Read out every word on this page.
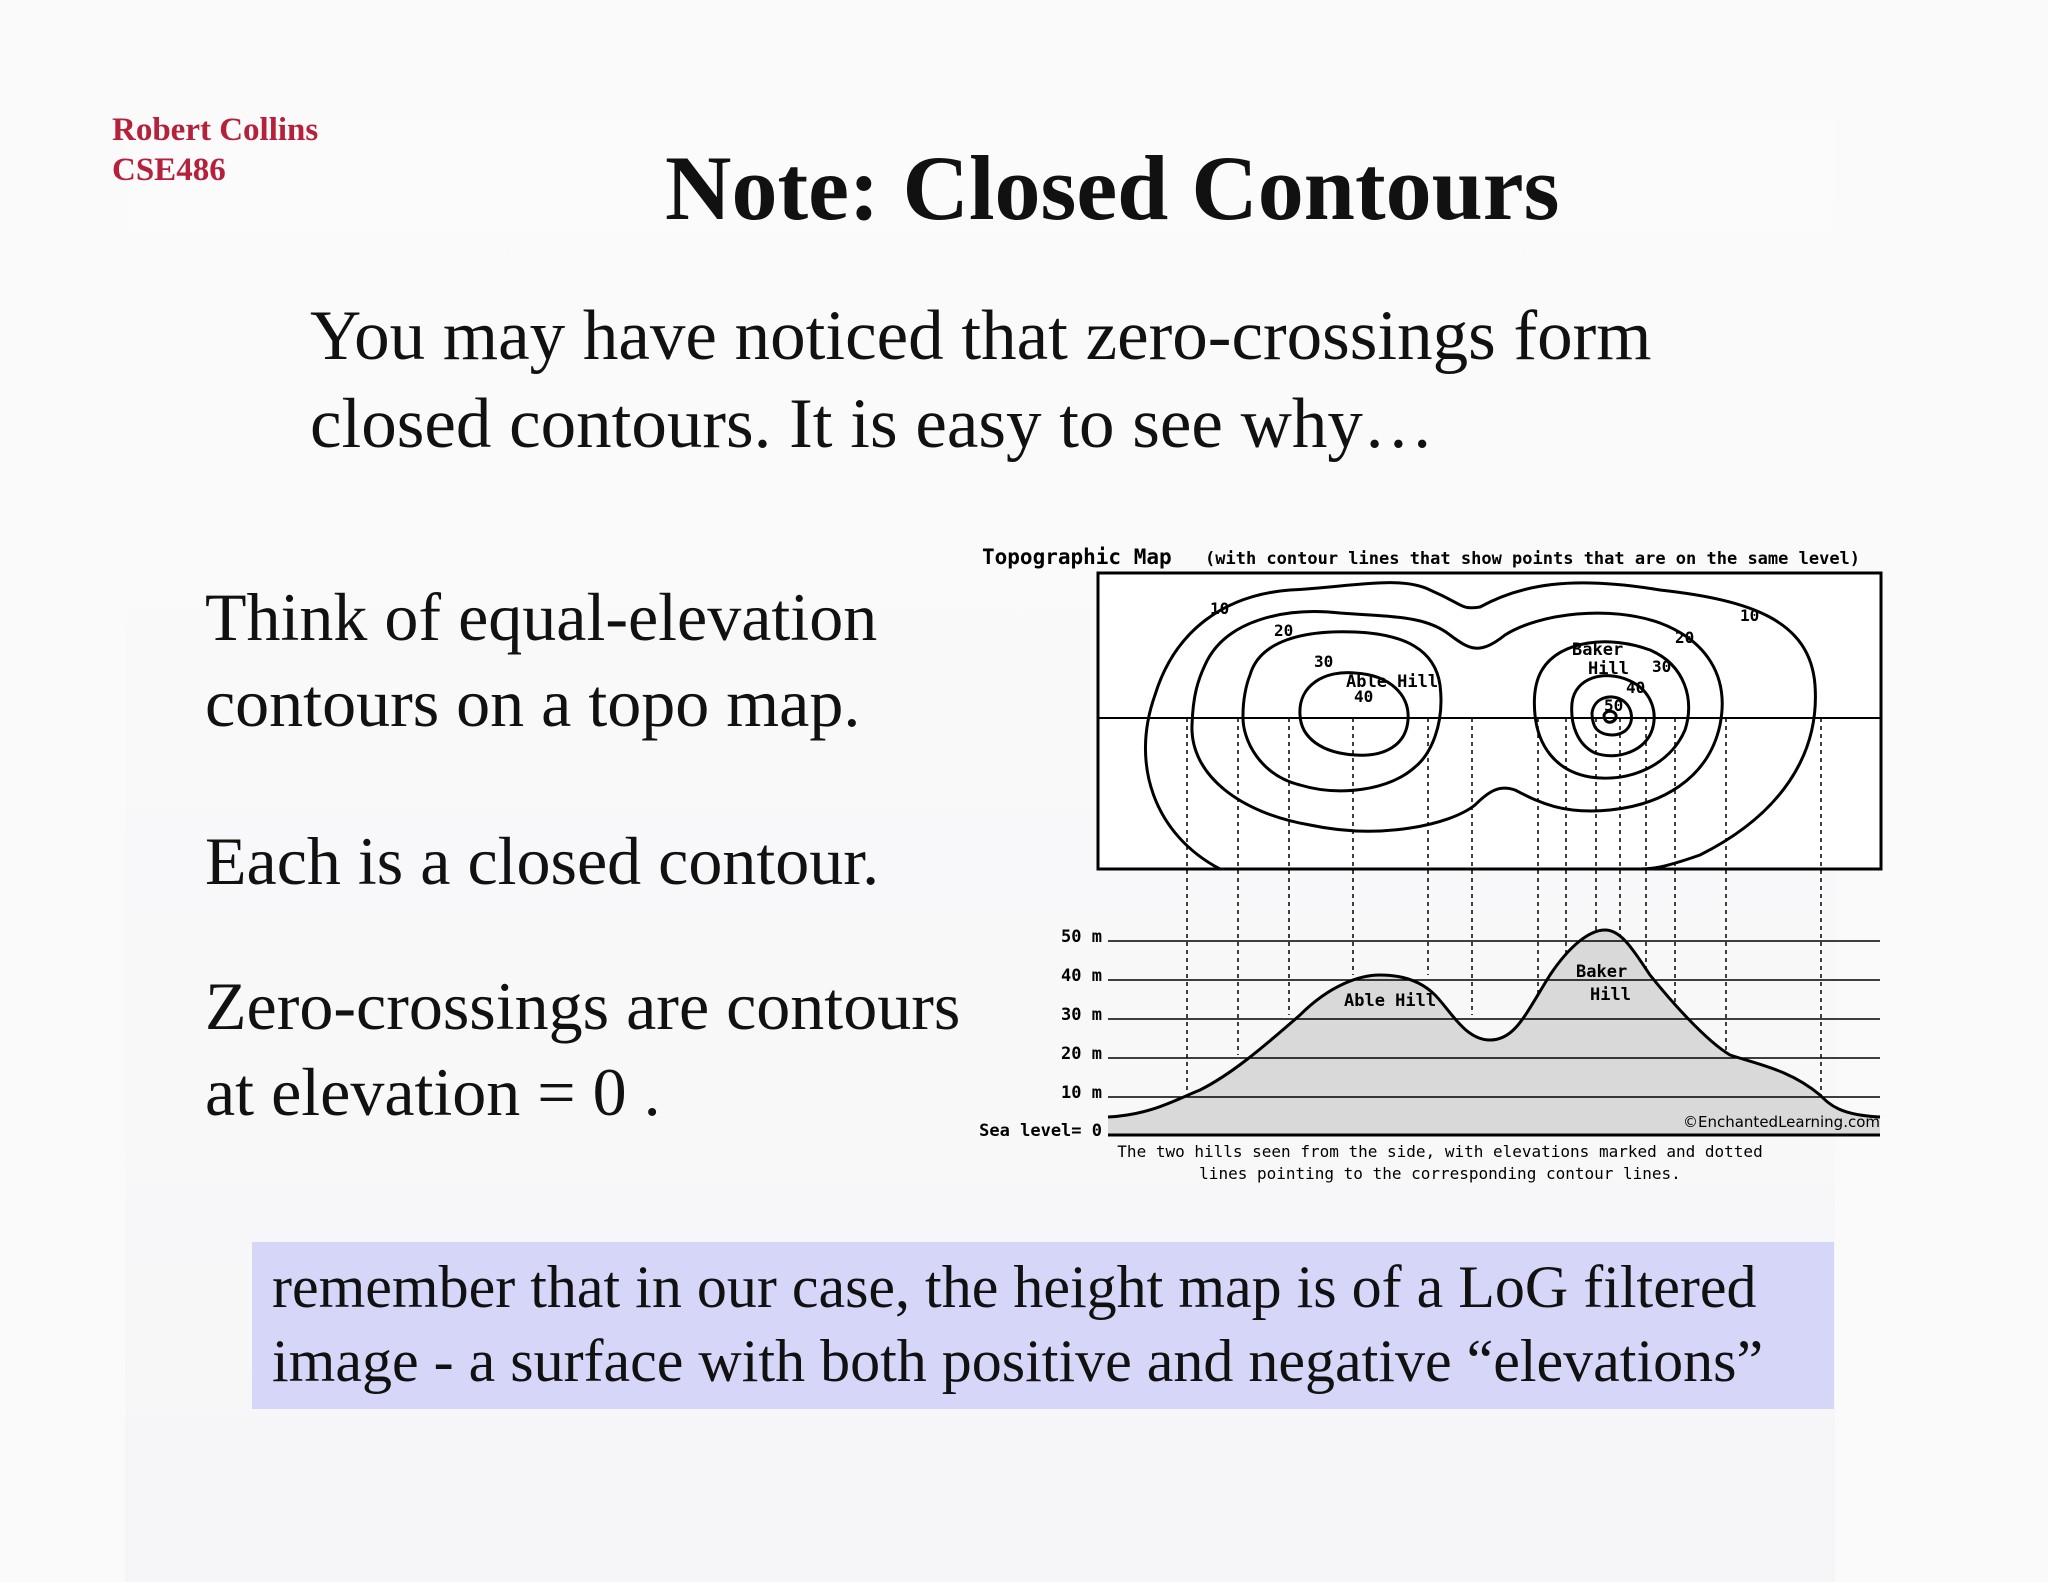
Robert Collins
CSE486	Note: Closed Contours
You may have noticed that zero-crossings form
closed contours. It is easy to see why…
Think of equal-elevation
contours on a topo map.
Each is a closed contour.
Zero-crossings are contours
at elevation = 0 .
Topographic Map (with contour lines that show points that are on the same level)
10
20
30
40
10
20
30
40
50
Able Hill
Baker
Hill
50 m
40 m
30 m
20 m
10 m
Sea level= 0
Able Hill
Baker
Hill
©EnchantedLearning.com
The two hills seen from the side, with elevations marked and dotted
lines pointing to the corresponding contour lines.
remember that in our case, the height map is of a LoG filtered
image - a surface with both positive and negative “elevations”
